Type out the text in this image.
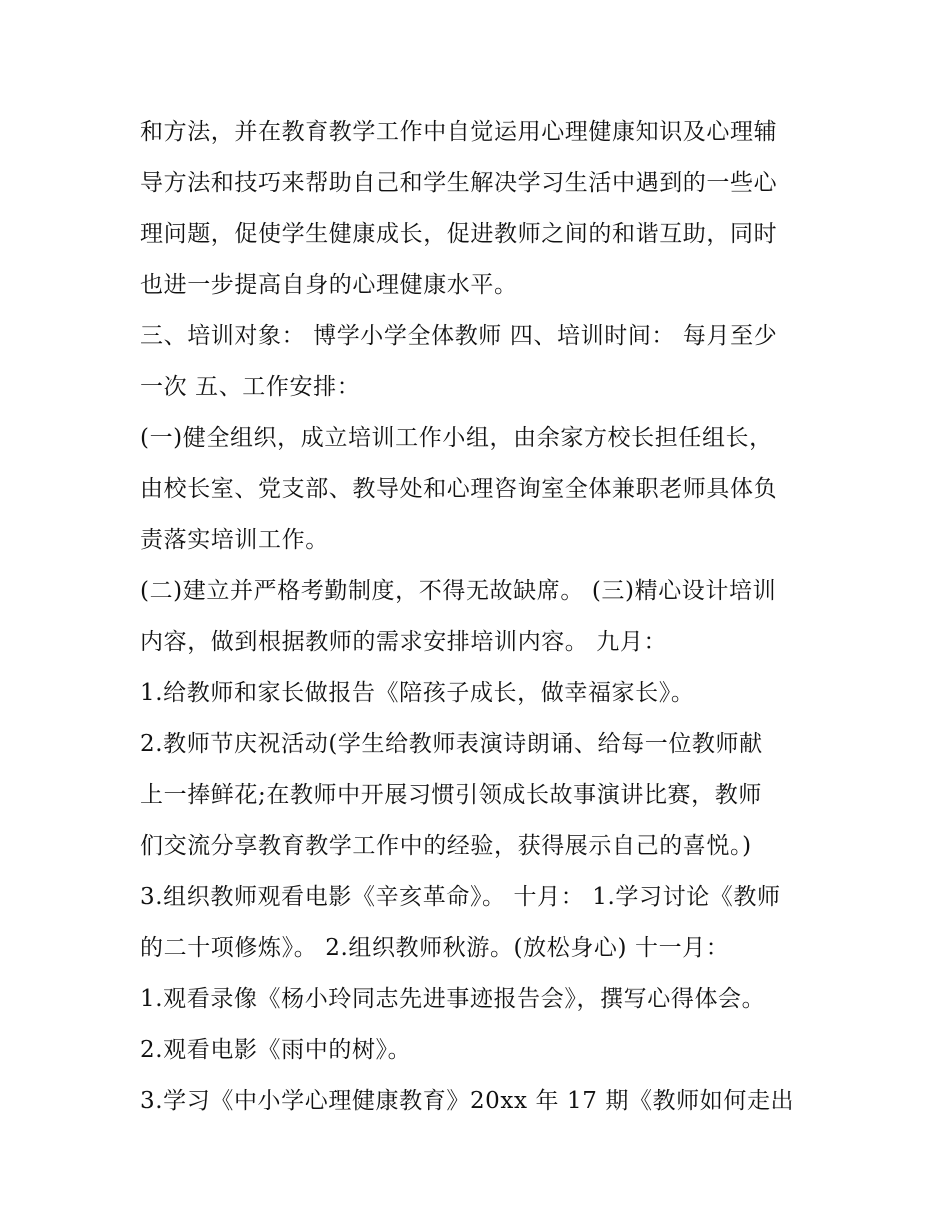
和方法，并在教育教学工作中自觉运用心理健康知识及心理辅

导方法和技巧来帮助自己和学生解决学习生活中遇到的一些心

理问题，促使学生健康成长，促进教师之间的和谐互助，同时

也进一步提高自身的心理健康水平。

三、培训对象： 博学小学全体教师 四、培训时间： 每月至少

一次 五、工作安排：

(一)健全组织，成立培训工作小组，由余家方校长担任组长，

由校长室、党支部、教导处和心理咨询室全体兼职老师具体负

责落实培训工作。

(二)建立并严格考勤制度，不得无故缺席。 (三)精心设计培训

内容，做到根据教师的需求安排培训内容。 九月：

1.给教师和家长做报告《陪孩子成长，做幸福家长》。

2.教师节庆祝活动(学生给教师表演诗朗诵、给每一位教师献

上一捧鲜花;在教师中开展习惯引领成长故事演讲比赛，教师

们交流分享教育教学工作中的经验，获得展示自己的喜悦。)

3.组织教师观看电影《辛亥革命》。 十月： 1.学习讨论《教师

的二十项修炼》。 2.组织教师秋游。(放松身心) 十一月：

1.观看录像《杨小玲同志先进事迹报告会》，撰写心得体会。

2.观看电影《雨中的树》。

3.学习《中小学心理健康教育》20xx 年 17 期《教师如何走出
